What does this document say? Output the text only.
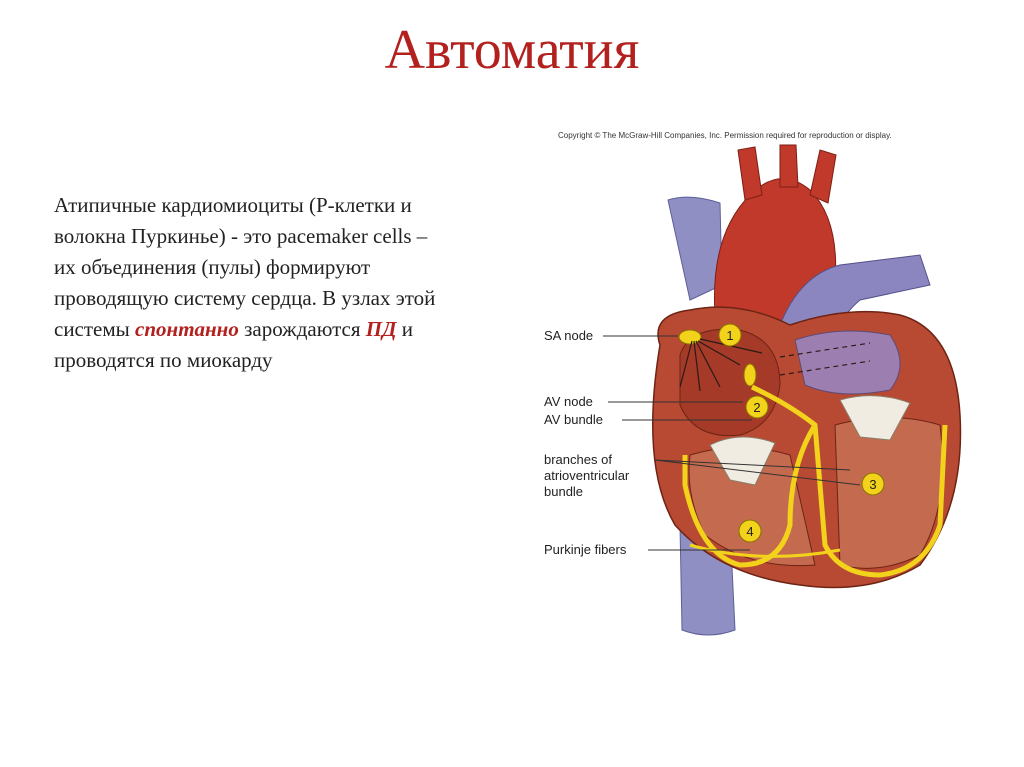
Автоматия
Атипичные кардиомиоциты (P-клетки и волокна Пуркинье) - это pacemaker cells – их объединения (пулы) формируют проводящую систему сердца. В узлах этой системы спонтанно зарождаются ПД и проводятся по миокарду
Copyright © The McGraw-Hill Companies, Inc. Permission required for reproduction or display.
1
2
3
4
SA node
AV node
AV bundle
branches of
atrioventricular
bundle
Purkinje fibers
